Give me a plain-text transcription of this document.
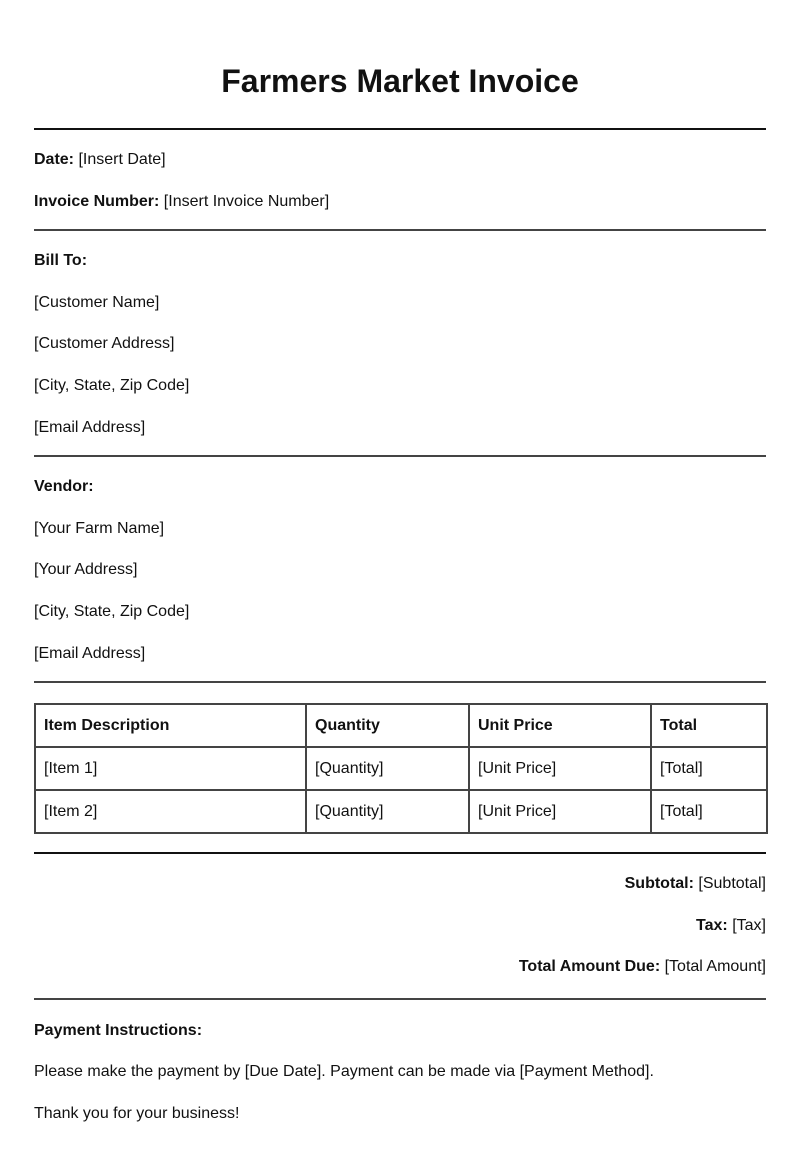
Farmers Market Invoice
Date: [Insert Date]
Invoice Number: [Insert Invoice Number]
Bill To:
[Customer Name]
[Customer Address]
[City, State, Zip Code]
[Email Address]
Vendor:
[Your Farm Name]
[Your Address]
[City, State, Zip Code]
[Email Address]
Item Description	Quantity	Unit Price	Total
[Item 1]	[Quantity]	[Unit Price]	[Total]
[Item 2]	[Quantity]	[Unit Price]	[Total]
Subtotal: [Subtotal]
Tax: [Tax]
Total Amount Due: [Total Amount]
Payment Instructions:
Please make the payment by [Due Date]. Payment can be made via [Payment Method].
Thank you for your business!
